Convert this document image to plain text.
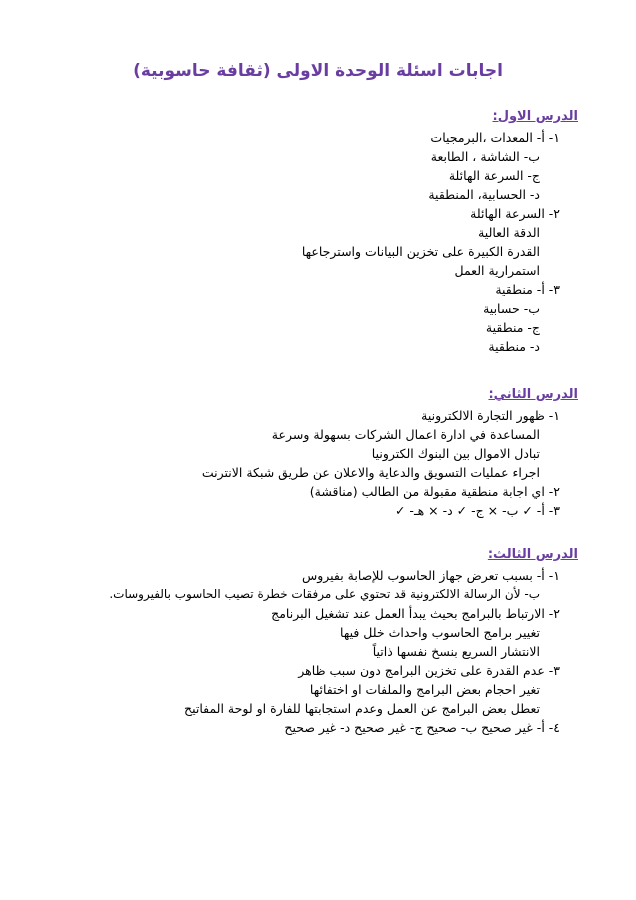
اجابات اسئلة الوحدة الاولى (ثقافة حاسوبية)
الدرس الاول:
١- أ- المعدات ،البرمجيات
ب- الشاشة ، الطابعة
ج- السرعة الهائلة
د- الحسابية، المنطقية
٢- السرعة الهائلة
الدقة العالية
القدرة الكبيرة على تخزين البيانات واسترجاعها
استمرارية العمل
٣- أ- منطقية
ب- حسابية
ج- منطقية
د- منطقية
الدرس الثاني:
١- ظهور التجارة الالكترونية
المساعدة في ادارة اعمال الشركات بسهولة وسرعة
تبادل الاموال بين البنوك الكترونيا
اجراء عمليات التسويق والدعاية والاعلان عن طريق شبكة الانترنت
٢- اي اجابة منطقية مقبولة من الطالب (مناقشة)
٣- أ- ✓ ب- × ج- ✓ د- × هـ- ✓
الدرس الثالث:
١- أ- بسبب تعرض جهاز الحاسوب للإصابة بفيروس
ب- لأن الرسالة الالكترونية قد تحتوي على مرفقات خطرة تصيب الحاسوب بالفيروسات.
٢- الارتباط بالبرامج بحيث يبدأ العمل عند تشغيل البرنامج
تغيير برامج الحاسوب واحداث خلل فيها
الانتشار السريع بنسخ نفسها ذاتياً
٣- عدم القدرة على تخزين البرامج دون سبب ظاهر
تغير احجام بعض البرامج والملفات او اختفائها
تعطل بعض البرامج عن العمل وعدم استجابتها للفارة او لوحة المفاتيح
٤- أ- غير صحيح ب- صحيح ج- غير صحيح د- غير صحيح
